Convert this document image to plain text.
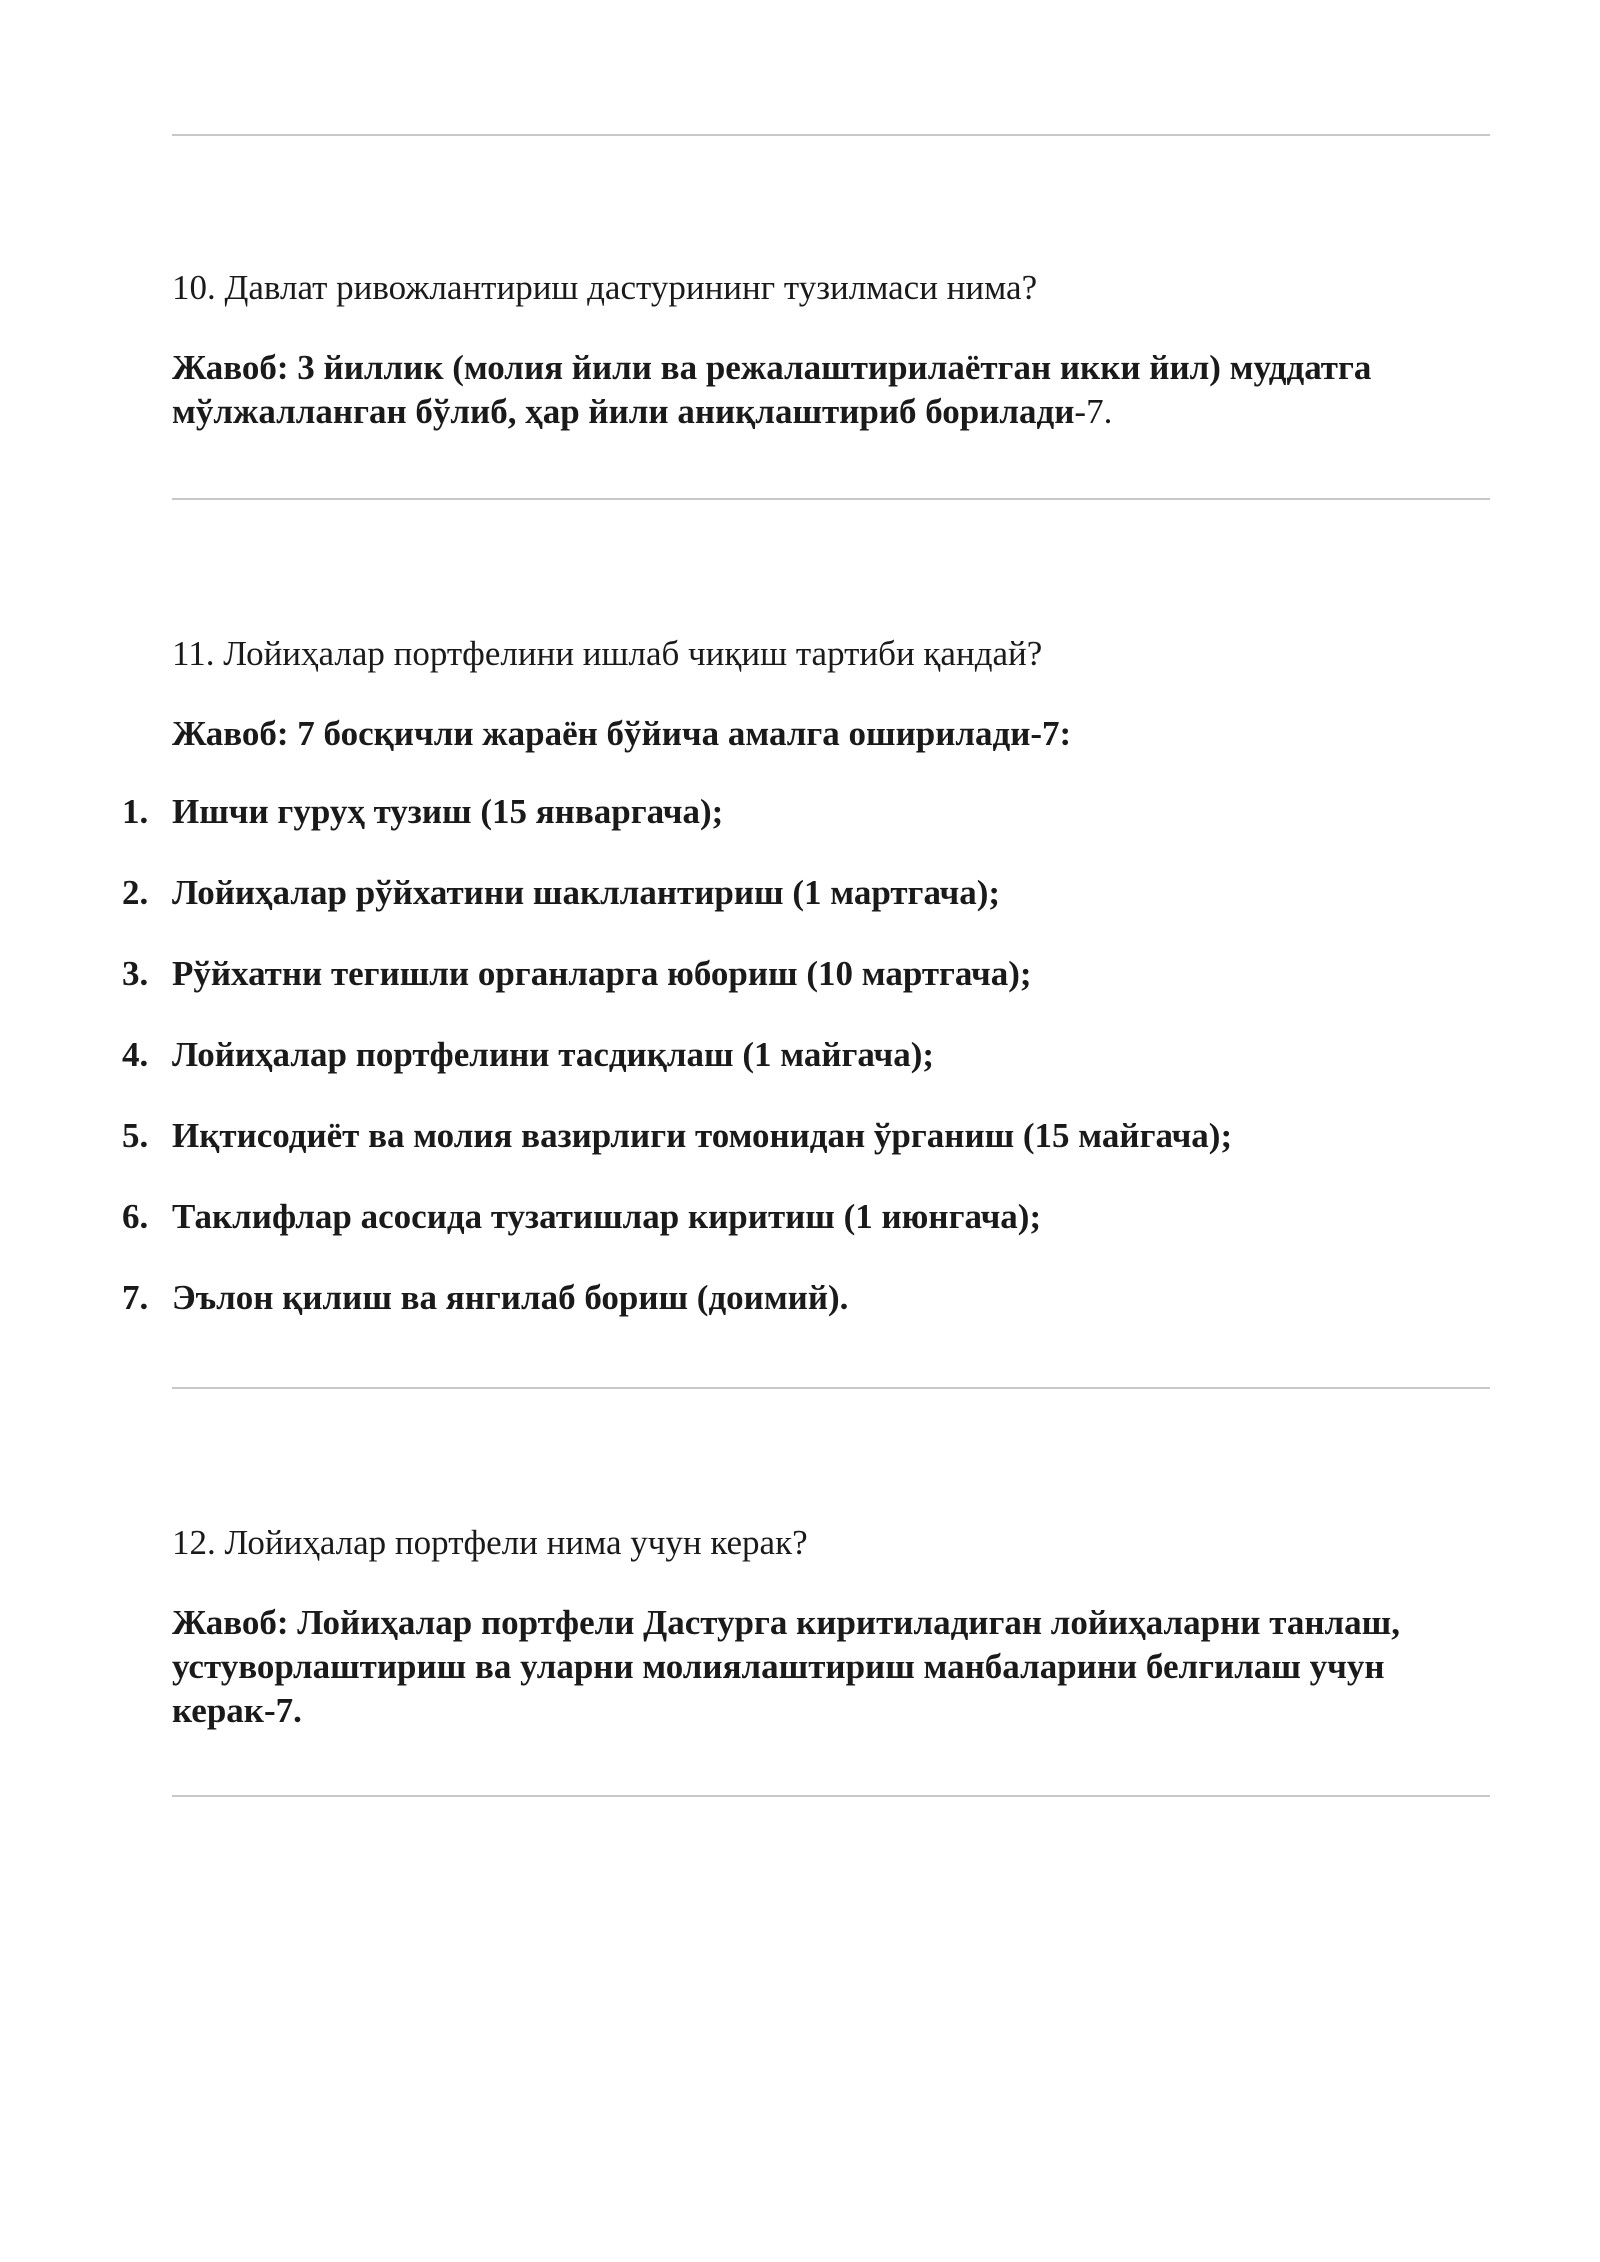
10. Давлат ривожлантириш дастурининг тузилмаси нима?
Жавоб: 3 йиллик (молия йили ва режалаштирилаётган икки йил) муддатга мўлжалланган бўлиб, ҳар йили аниқлаштириб борилади-7.
11. Лойиҳалар портфелини ишлаб чиқиш тартиби қандай?
Жавоб: 7 босқичли жараён бўйича амалга оширилади-7:
1. Ишчи гуруҳ тузиш (15 январгача);
2. Лойиҳалар рўйхатини шакллантириш (1 мартгача);
3. Рўйхатни тегишли органларга юбориш (10 мартгача);
4. Лойиҳалар портфелини тасдиқлаш (1 майгача);
5. Иқтисодиёт ва молия вазирлиги томонидан ўрганиш (15 майгача);
6. Таклифлар асосида тузатишлар киритиш (1 июнгача);
7. Эълон қилиш ва янгилаб бориш (доимий).
12. Лойиҳалар портфели нима учун керак?
Жавоб: Лойиҳалар портфели Дастурга киритиладиган лойиҳаларни танлаш, устуворлаштириш ва уларни молиялаштириш манбаларини белгилаш учун керак-7.
